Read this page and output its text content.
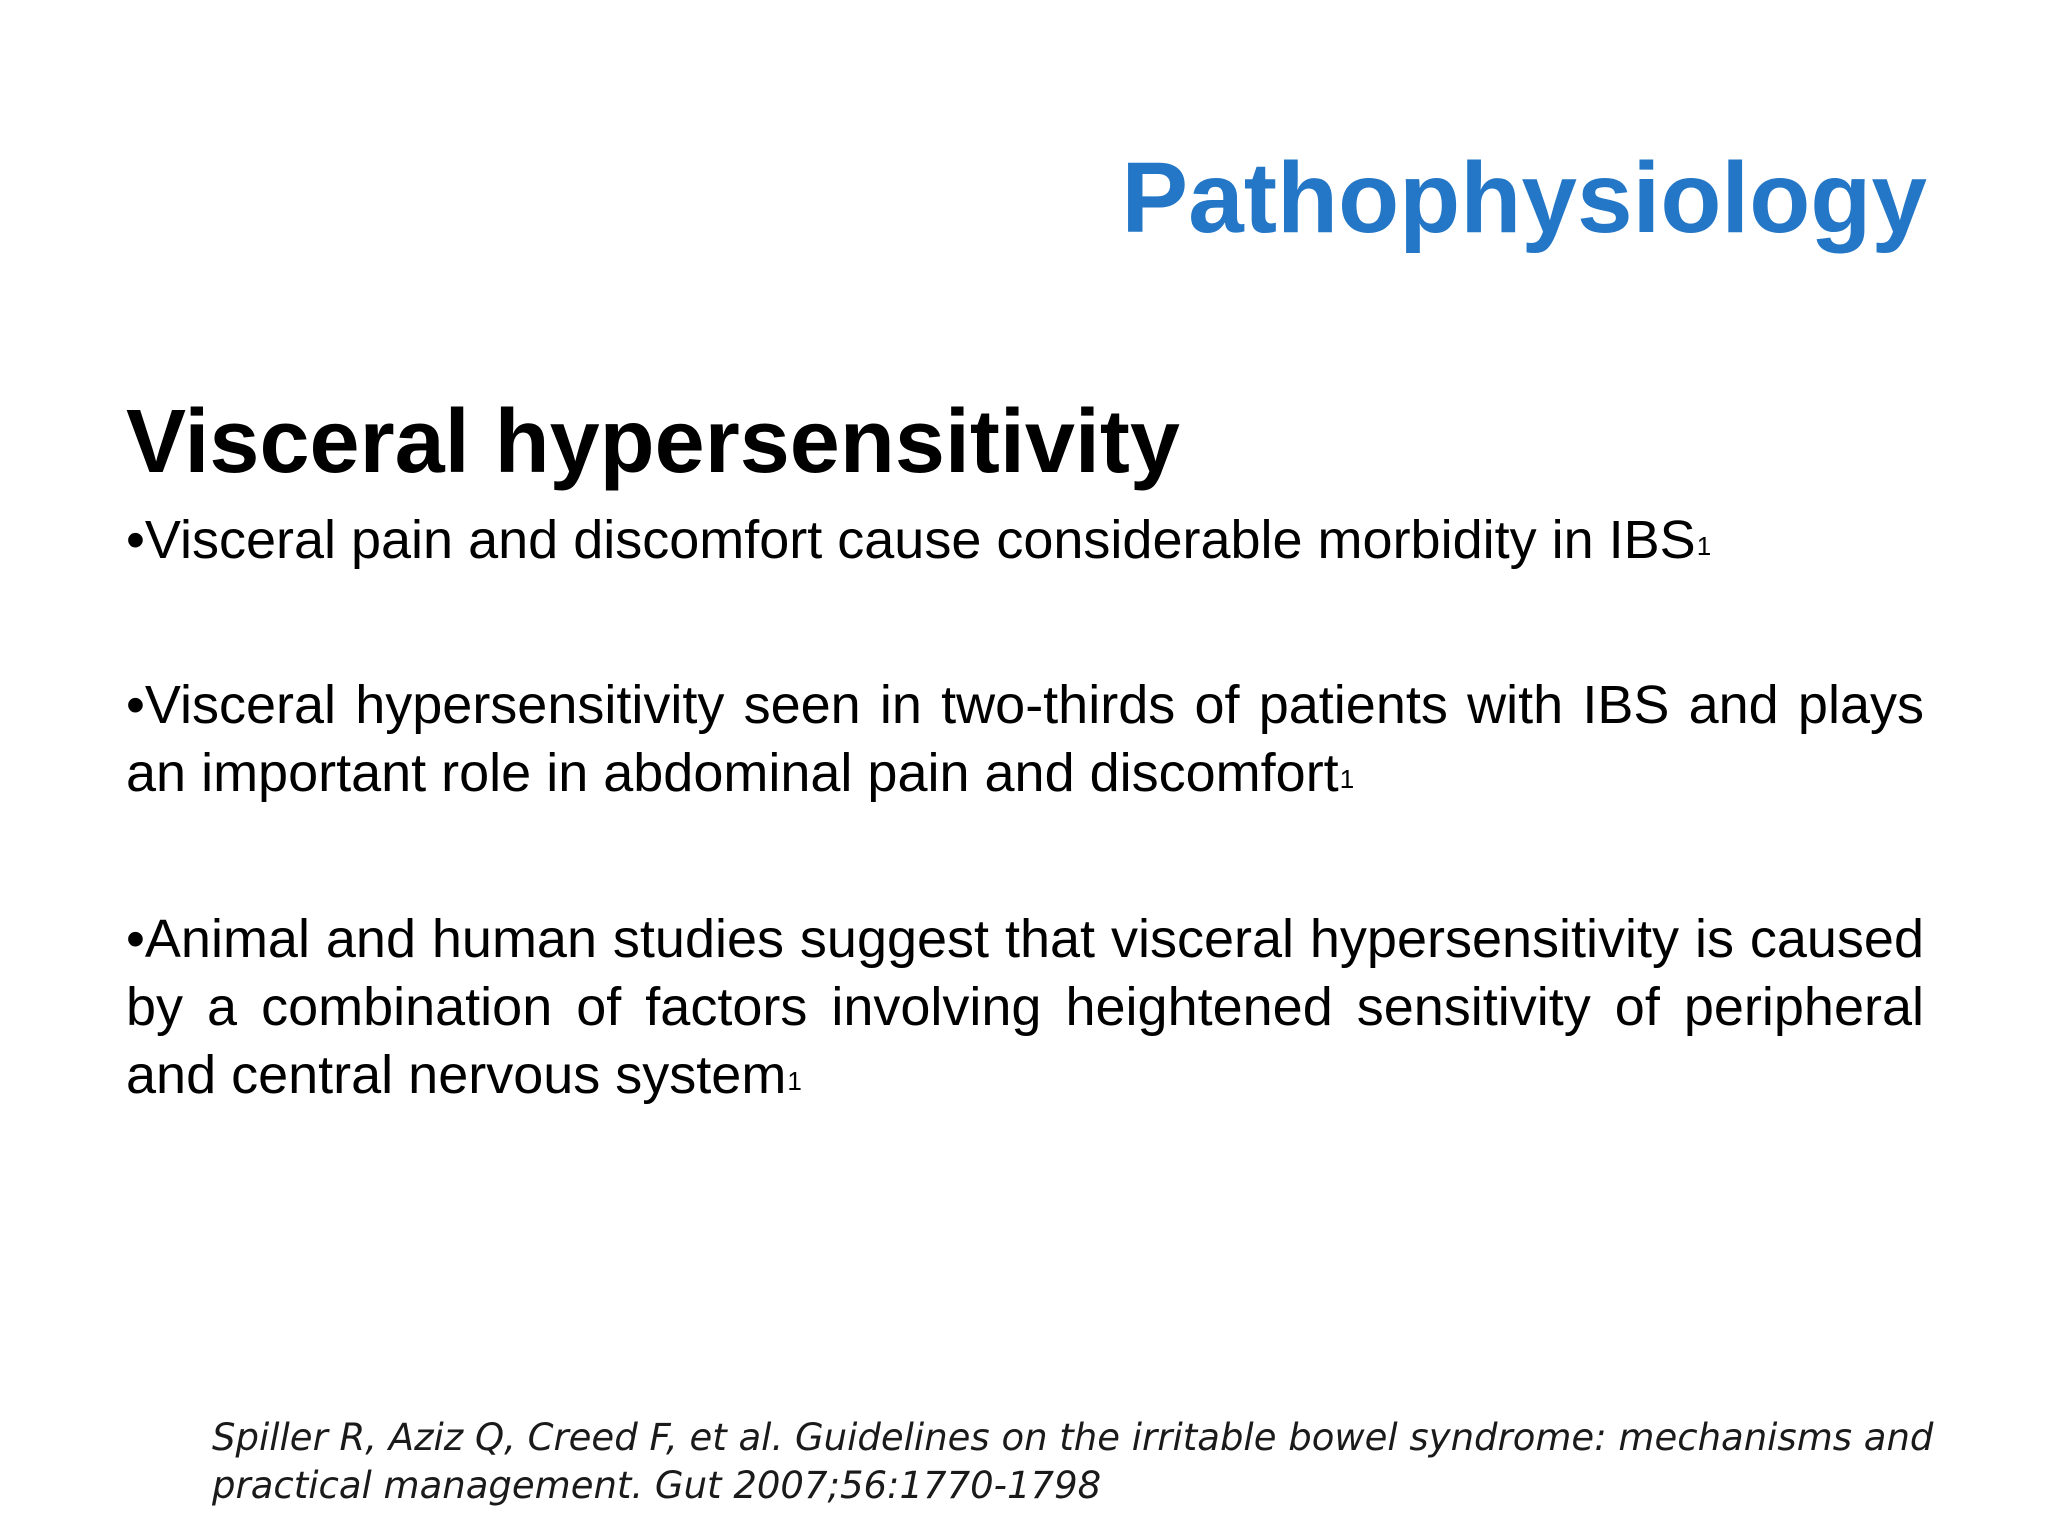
Pathophysiology
Visceral hypersensitivity

•Visceral pain and discomfort cause considerable morbidity in IBS$^1$

•Visceral hypersensitivity seen in two-thirds of patients with IBS and plays an important role in abdominal pain and discomfort$^1$

•Animal and human studies suggest that visceral hypersensitivity is caused by a combination of factors involving heightened sensitivity of peripheral and central nervous system$^1$

Spiller R, Aziz Q, Creed F, et al. Guidelines on the irritable bowel syndrome: mechanisms and practical management. Gut 2007;56:1770-1798
